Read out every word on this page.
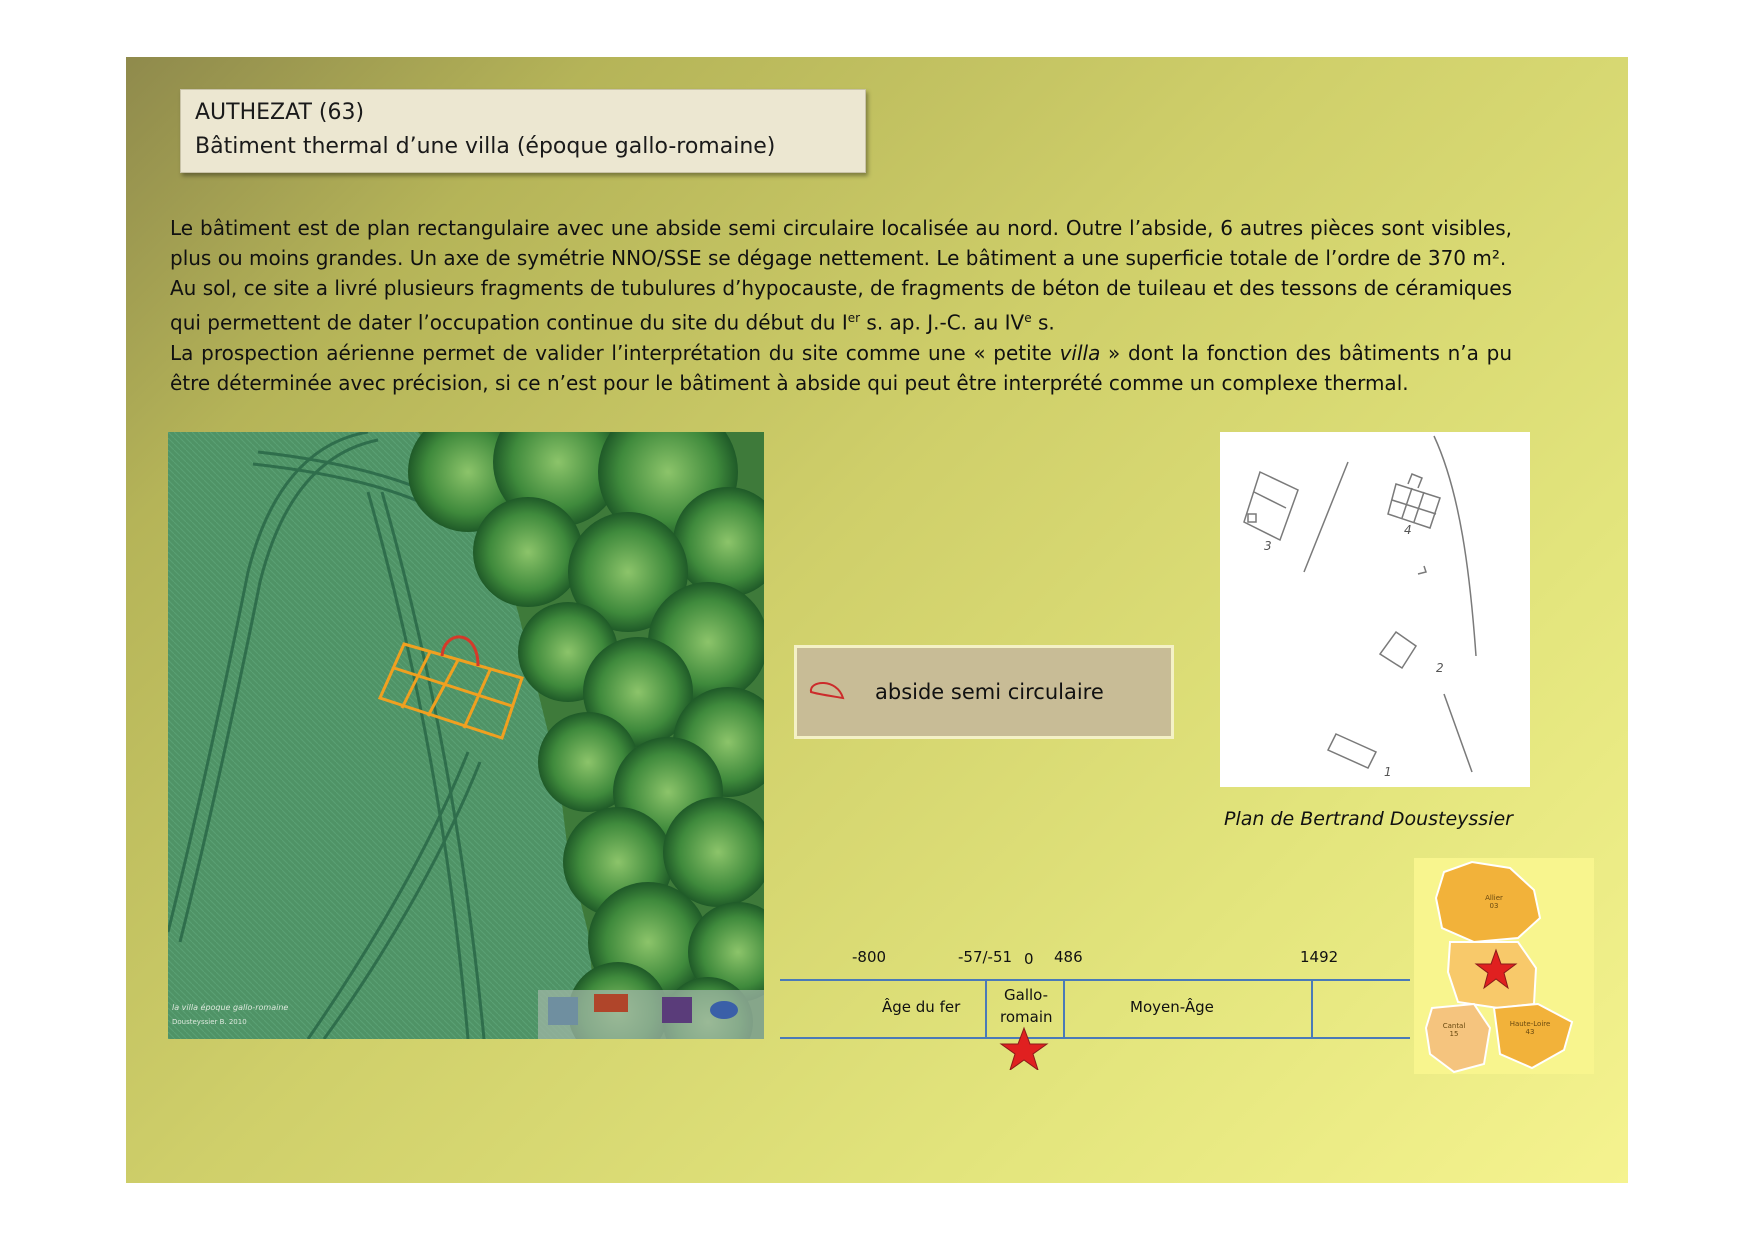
AUTHEZAT (63)
Bâtiment thermal d’une villa (époque gallo-romaine)

Le bâtiment est de plan rectangulaire avec une abside semi circulaire localisée au nord. Outre l’abside, 6 autres pièces sont visibles, plus ou moins grandes. Un axe de symétrie NNO/SSE se dégage nettement. Le bâtiment a une superficie totale de l’ordre de 370 m².

Au sol, ce site a livré plusieurs fragments de tubulures d’hypocauste, de fragments de béton de tuileau et des tessons de céramiques qui permettent de dater l’occupation continue du site du début du Ier s. ap. J.-C. au IVe s.

La prospection aérienne permet de valider l’interprétation du site comme une « petite villa » dont la fonction des bâtiments n’a pu être déterminée avec précision, si ce n’est pour le bâtiment à abside qui peut être interprété comme un complexe thermal.

la villa époque gallo-romaine
Dousteyssier B. 2010
abside semi circulaire
3
4
2
1
Plan de Bertrand Dousteyssier
-800	-57/-51 0 486	1492
Âge du fer
Gallo-
romain
Moyen-Âge
Allier
03
Cantal
15
Haute-Loire
43
